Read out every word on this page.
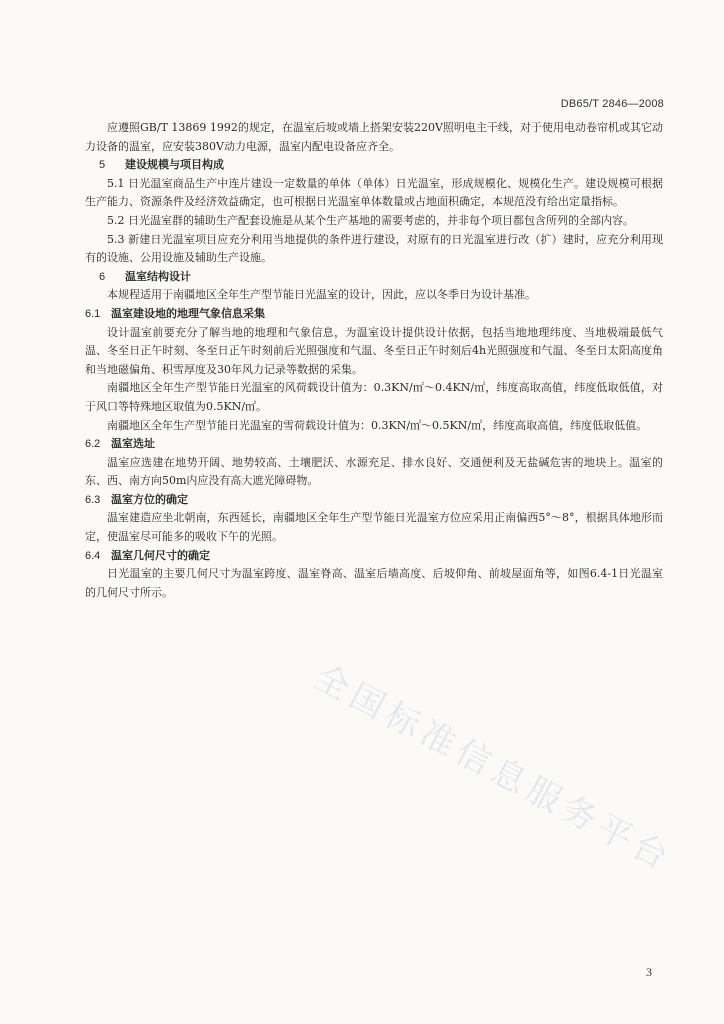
DB65/T 2846—2008

应遵照GB/T 13869 1992的规定，在温室后坡或墙上搭架安装220V照明电主干线，对于使用电动卷帘机或其它动力设备的温室，应安装380V动力电源，温室内配电设备应齐全。

5 建设规模与项目构成

5.1 日光温室商品生产中连片建设一定数量的单体（单体）日光温室，形成规模化、规模化生产。建设规模可根据生产能力、资源条件及经济效益确定，也可根据日光温室单体数量或占地面积确定，本规范没有给出定量指标。

5.2 日光温室群的辅助生产配套设施是从某个生产基地的需要考虑的，并非每个项目都包含所列的全部内容。

5.3 新建日光温室项目应充分利用当地提供的条件进行建设，对原有的日光温室进行改（扩）建时，应充分利用现有的设施、公用设施及辅助生产设施。

6 温室结构设计

本规程适用于南疆地区全年生产型节能日光温室的设计，因此，应以冬季日为设计基准。

6.1 温室建设地的地理气象信息采集

设计温室前要充分了解当地的地理和气象信息，为温室设计提供设计依据，包括当地地理纬度、当地极端最低气温、冬至日正午时刻、冬至日正午时刻前后光照强度和气温、冬至日正午时刻后4h光照强度和气温、冬至日太阳高度角和当地磁偏角、积雪厚度及30年风力记录等数据的采集。

南疆地区全年生产型节能日光温室的风荷载设计值为：0.3KN/㎡～0.4KN/㎡，纬度高取高值，纬度低取低值，对于风口等特殊地区取值为0.5KN/㎡。

南疆地区全年生产型节能日光温室的雪荷载设计值为：0.3KN/㎡～0.5KN/㎡，纬度高取高值，纬度低取低值。

6.2 温室选址

温室应选建在地势开阔、地势较高、土壤肥沃、水源充足、排水良好、交通便利及无盐碱危害的地块上。温室的东、西、南方向50m内应没有高大遮光障碍物。

6.3 温室方位的确定

温室建造应坐北朝南，东西延长，南疆地区全年生产型节能日光温室方位应采用正南偏西5°～8°，根据具体地形而定，使温室尽可能多的吸收下午的光照。

6.4 温室几何尺寸的确定

日光温室的主要几何尺寸为温室跨度、温室脊高、温室后墙高度、后坡仰角、前坡屋面角等，如图6.4-1日光温室的几何尺寸所示。

全国标准信息服务平台
3
